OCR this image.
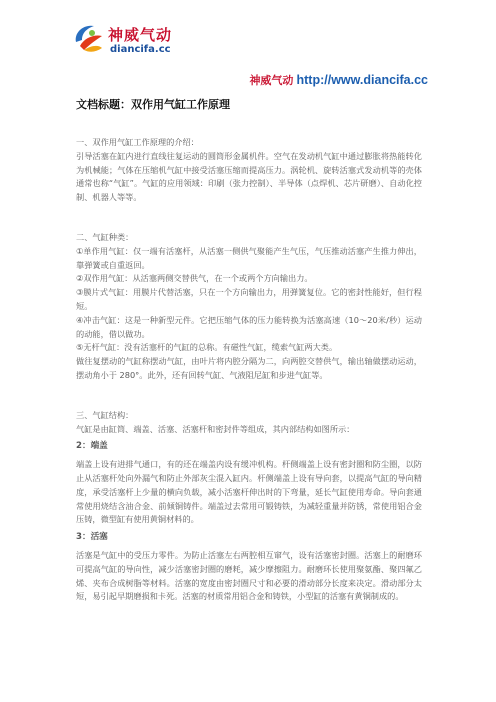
神威气动
diancifa.cc
神威气动 http://www.diancifa.cc
文档标题：双作用气缸工作原理

一、双作用气缸工作原理的介绍：

引导活塞在缸内进行直线往复运动的圆筒形金属机件。空气在发动机气缸中通过膨胀将热能转化为机械能；气体在压缩机气缸中接受活塞压缩而提高压力。涡轮机、旋转活塞式发动机等的壳体通常也称“气缸”。气缸的应用领域：印刷（张力控制）、半导体（点焊机、芯片研磨）、自动化控制、机器人等等。

二、气缸种类：

①单作用气缸：仅一端有活塞杆，从活塞一侧供气聚能产生气压，气压推动活塞产生推力伸出，靠弹簧或自重返回。

②双作用气缸：从活塞两侧交替供气，在一个或两个方向输出力。

③膜片式气缸：用膜片代替活塞，只在一个方向输出力，用弹簧复位。它的密封性能好，但行程短。

④冲击气缸：这是一种新型元件。它把压缩气体的压力能转换为活塞高速（10～20米/秒）运动的动能，借以做功。

⑤无杆气缸：没有活塞杆的气缸的总称。有磁性气缸，缆索气缸两大类。

做往复摆动的气缸称摆动气缸，由叶片将内腔分隔为二，向两腔交替供气，输出轴做摆动运动，摆动角小于 280°。此外，还有回转气缸、气液阻尼缸和步进气缸等。

三、气缸结构：

气缸是由缸筒、端盖、活塞、活塞杆和密封件等组成，其内部结构如图所示：

2：端盖

端盖上设有进排气通口，有的还在端盖内设有缓冲机构。杆侧端盖上设有密封圈和防尘圈，以防止从活塞杆处向外漏气和防止外部灰尘混入缸内。杆侧端盖上设有导向套，以提高气缸的导向精度，承受活塞杆上少量的横向负载，减小活塞杆伸出时的下弯量，延长气缸使用寿命。导向套通常使用烧结含油合金、前倾铜铸件。端盖过去常用可锻铸铁，为减轻重量并防锈，常使用铝合金压铸，微型缸有使用黄铜材料的。

3：活塞

活塞是气缸中的受压力零件。为防止活塞左右两腔相互窜气，设有活塞密封圈。活塞上的耐磨环可提高气缸的导向性，减少活塞密封圈的磨耗，减少摩擦阻力。耐磨环长使用聚氨酯、聚四氟乙烯、夹布合成树脂等材料。活塞的宽度由密封圈尺寸和必要的滑动部分长度来决定。滑动部分太短，易引起早期磨损和卡死。活塞的材质常用铝合金和铸铁，小型缸的活塞有黄铜制成的。
